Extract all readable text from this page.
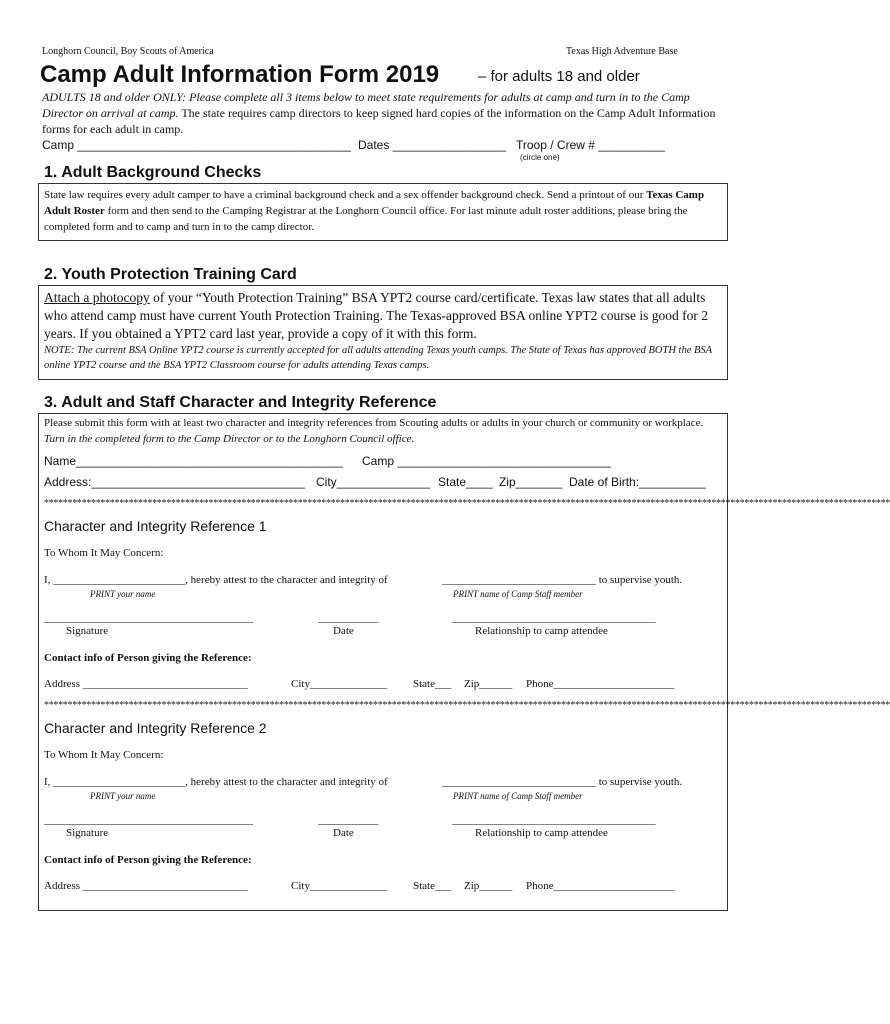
Longhorn Council, Boy Scouts of America	Texas High Adventure Base
Camp Adult Information Form 2019	– for adults 18 and older
ADULTS 18 and older ONLY: Please complete all 3 items below to meet state requirements for adults at camp and turn in to the Camp Director on arrival at camp. The state requires camp directors to keep signed hard copies of the information on the Camp Adult Information forms for each adult in camp.
Camp _________________________________________ Dates _________________ Troop / Crew # __________
(circle one)
1. Adult Background Checks
State law requires every adult camper to have a criminal background check and a sex offender background check. Send a printout of our Texas Camp Adult Roster form and then send to the Camping Registrar at the Longhorn Council office. For last minute adult roster additions, please bring the completed form and to camp and turn in to the camp director.
2. Youth Protection Training Card
Attach a photocopy of your “Youth Protection Training” BSA YPT2 course card/certificate. Texas law states that all adults who attend camp must have current Youth Protection Training. The Texas-approved BSA online YPT2 course is good for 2 years. If you obtained a YPT2 card last year, provide a copy of it with this form.
NOTE: The current BSA Online YPT2 course is currently accepted for all adults attending Texas youth camps. The State of Texas has approved BOTH the BSA online YPT2 course and the BSA YPT2 Classroom course for adults attending Texas camps.
3. Adult and Staff Character and Integrity Reference
Please submit this form with at least two character and integrity references from Scouting adults or adults in your church or community or workplace. Turn in the completed form to the Camp Director or to the Longhorn Council office.
Name________________________________________ Camp ________________________________
Address:________________________________ City______________ State____ Zip_______ Date of Birth:__________
************************************************************************************************************************************************************************************
Character and Integrity Reference 1
To Whom It May Concern:
I, ________________________, hereby attest to the character and integrity of	____________________________ to supervise youth.
PRINT your name	PRINT name of Camp Staff member
______________________________________	___________	_____________________________________
Signature	Date	Relationship to camp attendee
Contact info of Person giving the Reference:
Address ______________________________	City______________ State___ Zip______ Phone______________________
************************************************************************************************************************************************************************************
Character and Integrity Reference 2
To Whom It May Concern:
I, ________________________, hereby attest to the character and integrity of	____________________________ to supervise youth.
PRINT your name	PRINT name of Camp Staff member
______________________________________	___________	_____________________________________
Signature	Date	Relationship to camp attendee
Contact info of Person giving the Reference:
Address ______________________________	City______________ State___ Zip______ Phone______________________
